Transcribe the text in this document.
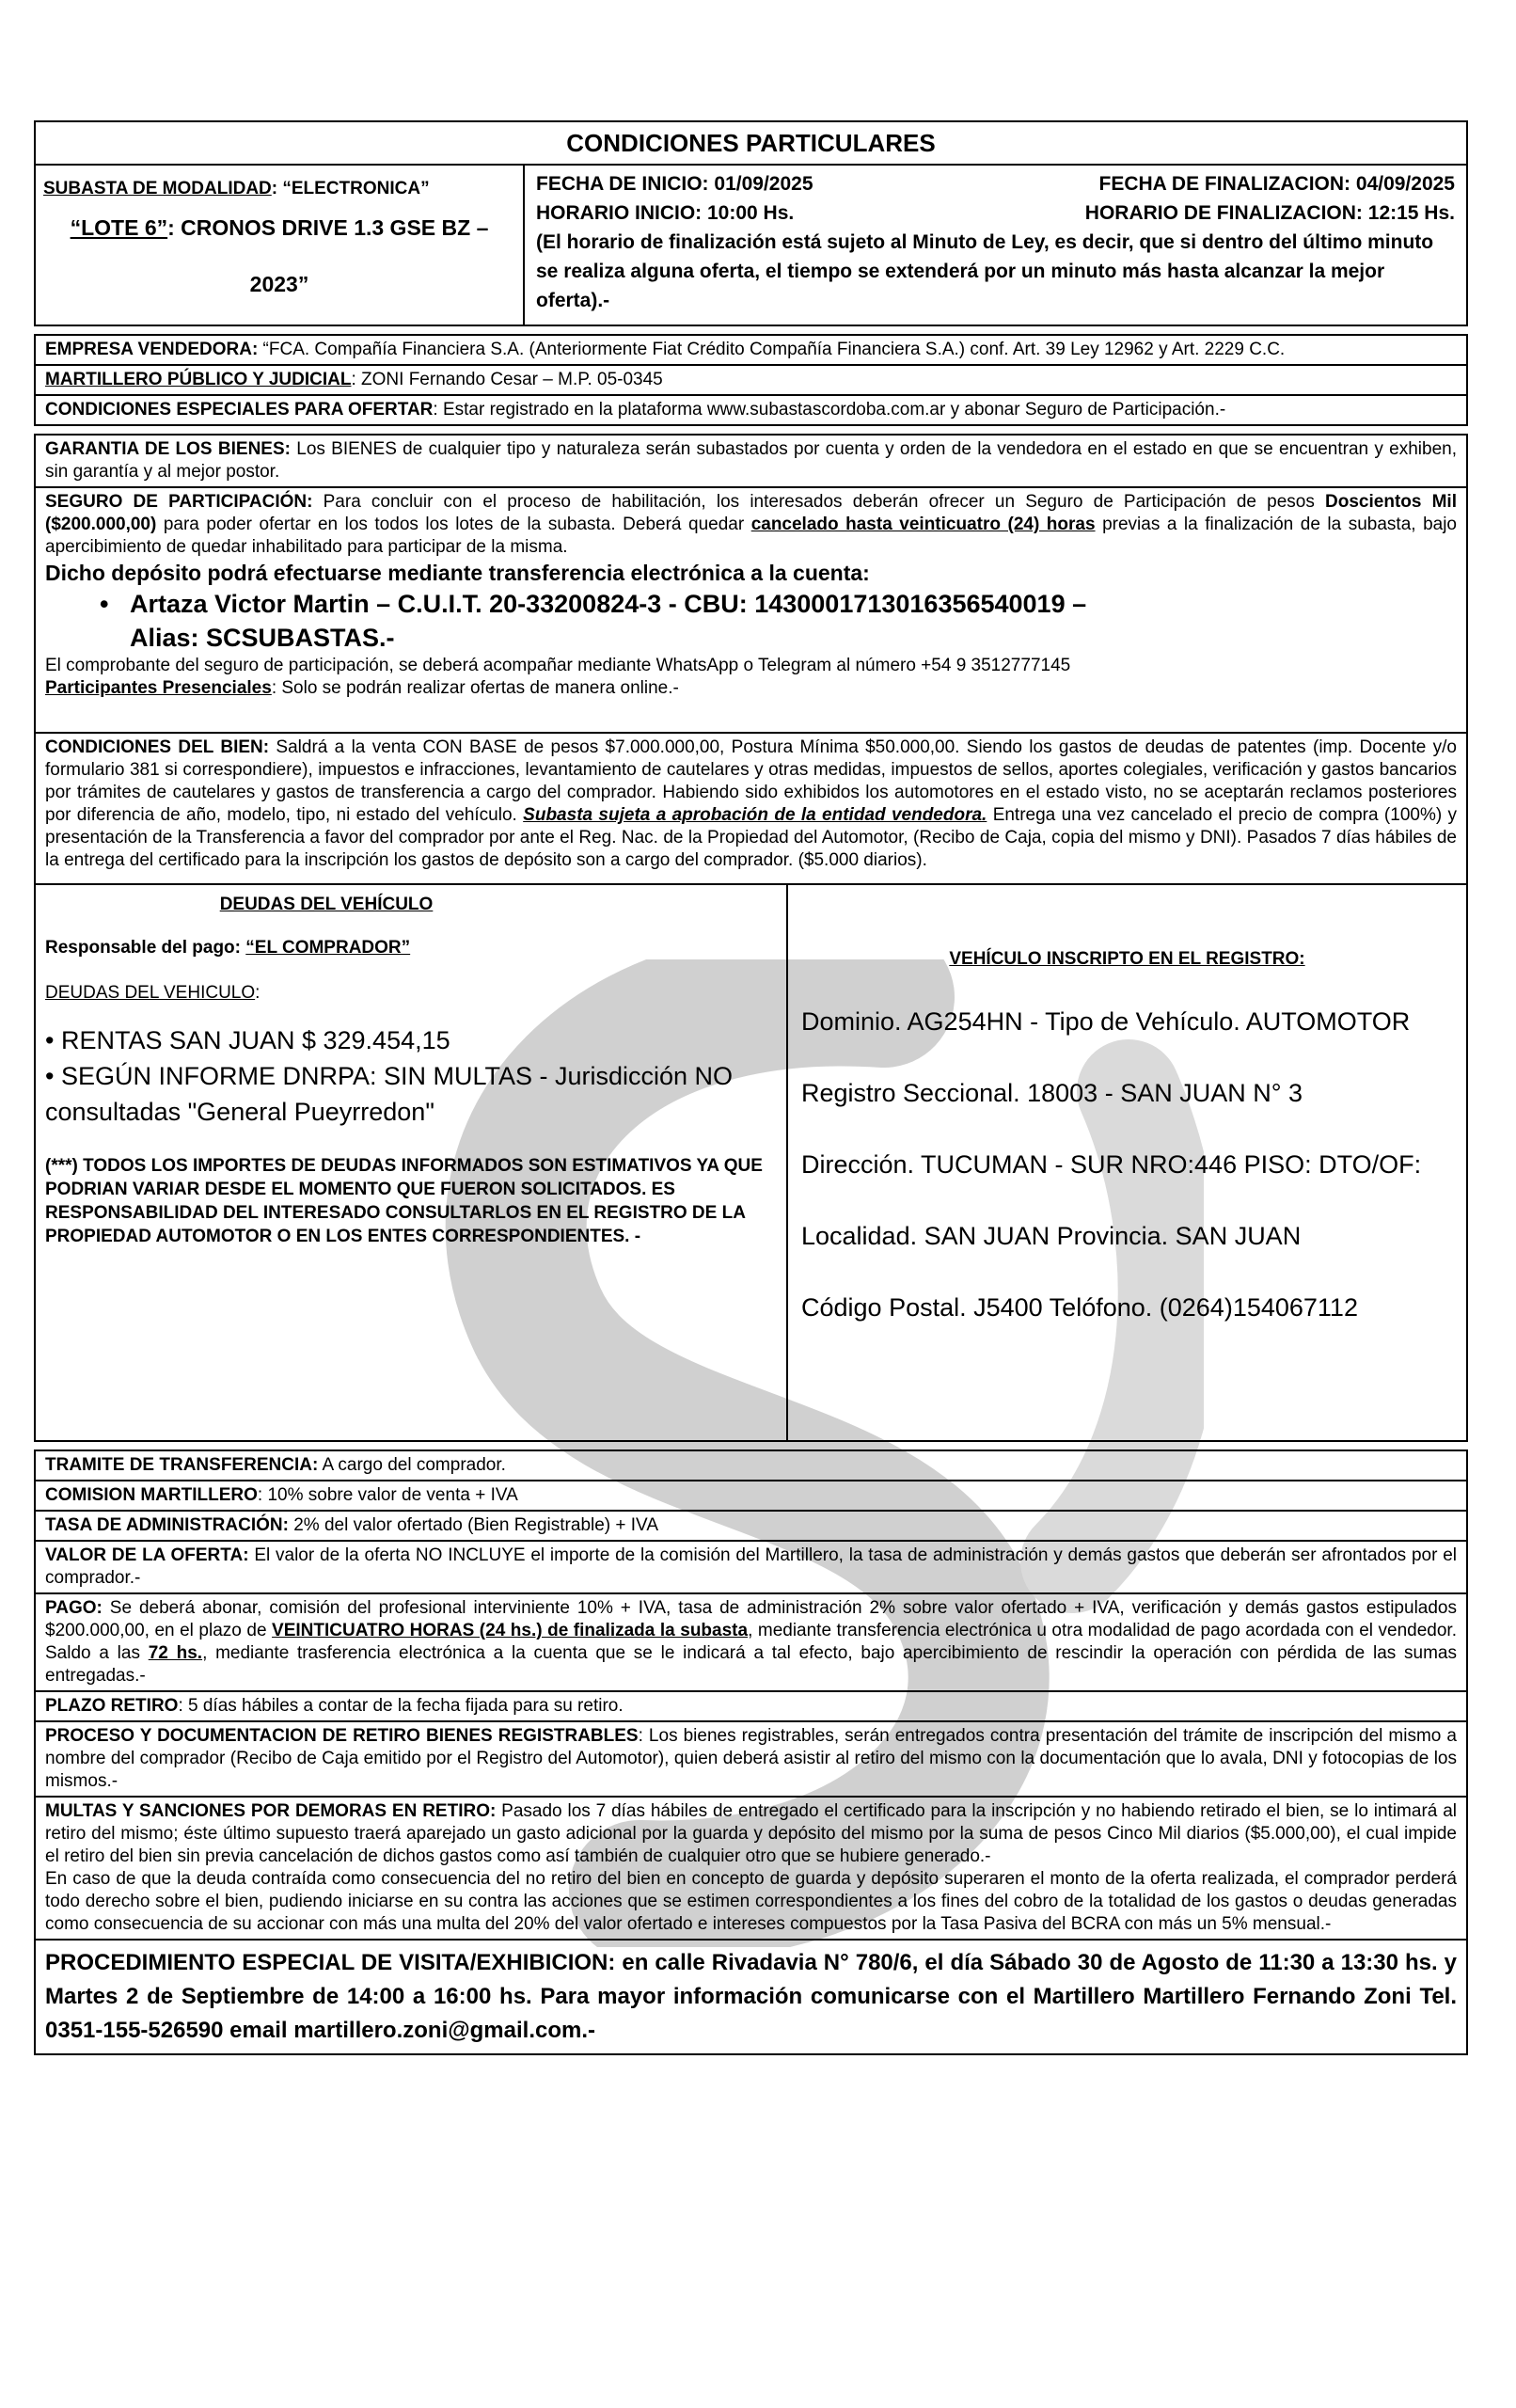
CONDICIONES PARTICULARES
SUBASTA DE MODALIDAD: “ELECTRONICA”
“LOTE 6”: CRONOS DRIVE 1.3 GSE BZ –
2023”
FECHA DE INICIO: 01/09/2025	FECHA DE FINALIZACION: 04/09/2025
HORARIO INICIO: 10:00 Hs.	HORARIO DE FINALIZACION: 12:15 Hs.
(El horario de finalización está sujeto al Minuto de Ley, es decir, que si dentro del último minuto se realiza alguna oferta, el tiempo se extenderá por un minuto más hasta alcanzar la mejor oferta).-
EMPRESA VENDEDORA: “FCA. Compañía Financiera S.A. (Anteriormente Fiat Crédito Compañía Financiera S.A.) conf. Art. 39 Ley 12962 y Art. 2229 C.C.
MARTILLERO PÚBLICO Y JUDICIAL: ZONI Fernando Cesar – M.P. 05-0345
CONDICIONES ESPECIALES PARA OFERTAR: Estar registrado en la plataforma www.subastascordoba.com.ar y abonar Seguro de Participación.-
GARANTIA DE LOS BIENES: Los BIENES de cualquier tipo y naturaleza serán subastados por cuenta y orden de la vendedora en el estado en que se encuentran y exhiben, sin garantía y al mejor postor.
SEGURO DE PARTICIPACIÓN: Para concluir con el proceso de habilitación, los interesados deberán ofrecer un Seguro de Participación de pesos Doscientos Mil ($200.000,00) para poder ofertar en los todos los lotes de la subasta. Deberá quedar cancelado hasta veinticuatro (24) horas previas a la finalización de la subasta, bajo apercibimiento de quedar inhabilitado para participar de la misma.
Dicho depósito podrá efectuarse mediante transferencia electrónica a la cuenta:
• Artaza Victor Martin – C.U.I.T. 20-33200824-3 - CBU: 1430001713016356540019 –
Alias: SCSUBASTAS.-
El comprobante del seguro de participación, se deberá acompañar mediante WhatsApp o Telegram al número +54 9 3512777145
Participantes Presenciales: Solo se podrán realizar ofertas de manera online.-
CONDICIONES DEL BIEN: Saldrá a la venta CON BASE de pesos $7.000.000,00, Postura Mínima $50.000,00. Siendo los gastos de deudas de patentes (imp. Docente y/o formulario 381 si correspondiere), impuestos e infracciones, levantamiento de cautelares y otras medidas, impuestos de sellos, aportes colegiales, verificación y gastos bancarios por trámites de cautelares y gastos de transferencia a cargo del comprador. Habiendo sido exhibidos los automotores en el estado visto, no se aceptarán reclamos posteriores por diferencia de año, modelo, tipo, ni estado del vehículo. Subasta sujeta a aprobación de la entidad vendedora. Entrega una vez cancelado el precio de compra (100%) y presentación de la Transferencia a favor del comprador por ante el Reg. Nac. de la Propiedad del Automotor, (Recibo de Caja, copia del mismo y DNI). Pasados 7 días hábiles de la entrega del certificado para la inscripción los gastos de depósito son a cargo del comprador. ($5.000 diarios).
DEUDAS DEL VEHÍCULO
Responsable del pago: “EL COMPRADOR”
DEUDAS DEL VEHICULO:
• RENTAS SAN JUAN $ 329.454,15
• SEGÚN INFORME DNRPA: SIN MULTAS - Jurisdicción NO consultadas "General Pueyrredon"
(***) TODOS LOS IMPORTES DE DEUDAS INFORMADOS SON ESTIMATIVOS YA QUE PODRIAN VARIAR DESDE EL MOMENTO QUE FUERON SOLICITADOS. ES RESPONSABILIDAD DEL INTERESADO CONSULTARLOS EN EL REGISTRO DE LA PROPIEDAD AUTOMOTOR O EN LOS ENTES CORRESPONDIENTES. -
VEHÍCULO INSCRIPTO EN EL REGISTRO:
Dominio. AG254HN - Tipo de Vehículo. AUTOMOTOR
Registro Seccional. 18003 - SAN JUAN N° 3
Dirección. TUCUMAN - SUR NRO:446 PISO: DTO/OF:
Localidad. SAN JUAN Provincia. SAN JUAN
Código Postal. J5400 Telófono. (0264)154067112
TRAMITE DE TRANSFERENCIA: A cargo del comprador.
COMISION MARTILLERO: 10% sobre valor de venta + IVA
TASA DE ADMINISTRACIÓN: 2% del valor ofertado (Bien Registrable) + IVA
VALOR DE LA OFERTA: El valor de la oferta NO INCLUYE el importe de la comisión del Martillero, la tasa de administración y demás gastos que deberán ser afrontados por el comprador.-
PAGO: Se deberá abonar, comisión del profesional interviniente 10% + IVA, tasa de administración 2% sobre valor ofertado + IVA, verificación y demás gastos estipulados $200.000,00, en el plazo de VEINTICUATRO HORAS (24 hs.) de finalizada la subasta, mediante transferencia electrónica u otra modalidad de pago acordada con el vendedor. Saldo a las 72 hs., mediante trasferencia electrónica a la cuenta que se le indicará a tal efecto, bajo apercibimiento de rescindir la operación con pérdida de las sumas entregadas.-
PLAZO RETIRO: 5 días hábiles a contar de la fecha fijada para su retiro.
PROCESO Y DOCUMENTACION DE RETIRO BIENES REGISTRABLES: Los bienes registrables, serán entregados contra presentación del trámite de inscripción del mismo a nombre del comprador (Recibo de Caja emitido por el Registro del Automotor), quien deberá asistir al retiro del mismo con la documentación que lo avala, DNI y fotocopias de los mismos.-
MULTAS Y SANCIONES POR DEMORAS EN RETIRO: Pasado los 7 días hábiles de entregado el certificado para la inscripción y no habiendo retirado el bien, se lo intimará al retiro del mismo; éste último supuesto traerá aparejado un gasto adicional por la guarda y depósito del mismo por la suma de pesos Cinco Mil diarios ($5.000,00), el cual impide el retiro del bien sin previa cancelación de dichos gastos como así también de cualquier otro que se hubiere generado.-
En caso de que la deuda contraída como consecuencia del no retiro del bien en concepto de guarda y depósito superaren el monto de la oferta realizada, el comprador perderá todo derecho sobre el bien, pudiendo iniciarse en su contra las acciones que se estimen correspondientes a los fines del cobro de la totalidad de los gastos o deudas generadas como consecuencia de su accionar con más una multa del 20% del valor ofertado e intereses compuestos por la Tasa Pasiva del BCRA con más un 5% mensual.-
PROCEDIMIENTO ESPECIAL DE VISITA/EXHIBICION: en calle Rivadavia N° 780/6, el día Sábado 30 de Agosto de 11:30 a 13:30 hs. y Martes 2 de Septiembre de 14:00 a 16:00 hs. Para mayor información comunicarse con el Martillero Martillero Fernando Zoni Tel. 0351-155-526590 email martillero.zoni@gmail.com.-
